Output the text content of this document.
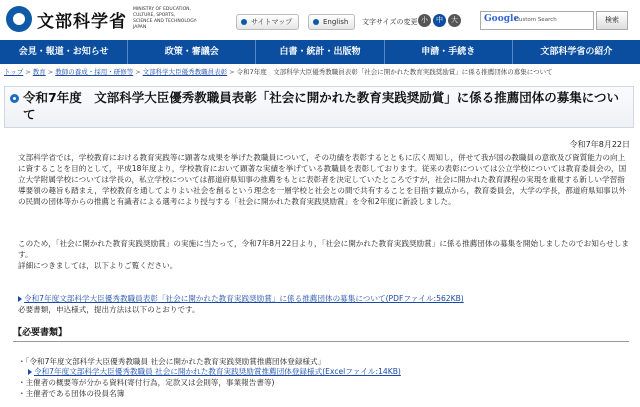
文部科学省
MINISTRY OF EDUCATION,
CULTURE, SPORTS,
SCIENCE AND TECHNOLOGY-JAPAN
サイトマップ	English	文字サイズの変更 小	中	大	Google
Custom Search	検索
会見・報道・お知らせ	政策・審議会	白書・統計・出版物	申請・手続き	文部科学省の紹介
トップ > 教育 > 教師の養成・採用・研修等 > 文部科学大臣優秀教職員表彰 > 令和7年度　文部科学大臣優秀教職員表彰「社会に開かれた教育実践奨励賞」に係る推薦団体の募集について
令和7年度　文部科学大臣優秀教職員表彰「社会に開かれた教育実践奨励賞」に係る推薦団体の募集について
令和7年8月22日
文部科学省では，学校教育における教育実践等に顕著な成果を挙げた教職員について，その功績を表彰するとともに広く周知し，併せて我が国の教職員の意欲及び資質能力の向上に資することを目的として，平成18年度より，学校教育において顕著な実績を挙げている教職員を表彰しております。従来の表彰については公立学校については教育委員会の，国立大学附属学校については学長の，私立学校については都道府県知事の推薦をもとに表彰者を決定していたところですが，社会に開かれた教育課程の実現を重視する新しい学習指導要領の趣旨も踏まえ，学校教育を通してよりよい社会を創るという理念を一層学校と社会との間で共有することを目指す観点から，教育委員会，大学の学長，都道府県知事以外の民間の団体等からの推薦と有識者による選考により授与する「社会に開かれた教育実践奨励賞」を令和2年度に新設しました。
このため，「社会に開かれた教育実践奨励賞」の実施に当たって，令和7年8月22日より，「社会に開かれた教育実践奨励賞」に係る推薦団体の募集を開始しましたのでお知らせします。
詳細につきましては，以下よりご覧ください。
令和7年度文部科学大臣優秀教職員表彰「社会に開かれた教育実践奨励賞」に係る推薦団体の募集について(PDFファイル:562KB)
必要書類，申込様式，提出方法は以下のとおりです。
【必要書類】
・「令和7年度文部科学大臣優秀教職員 社会に開かれた教育実践奨励賞推薦団体登録様式」
令和7年度文部科学大臣優秀教職員 社会に開かれた教育実践奨励賞推薦団体登録様式(Excelファイル:14KB)
・主催者の概要等が分かる資料(寄付行為，定款又は会則等，事業報告書等)
・主催者である団体の役員名簿
